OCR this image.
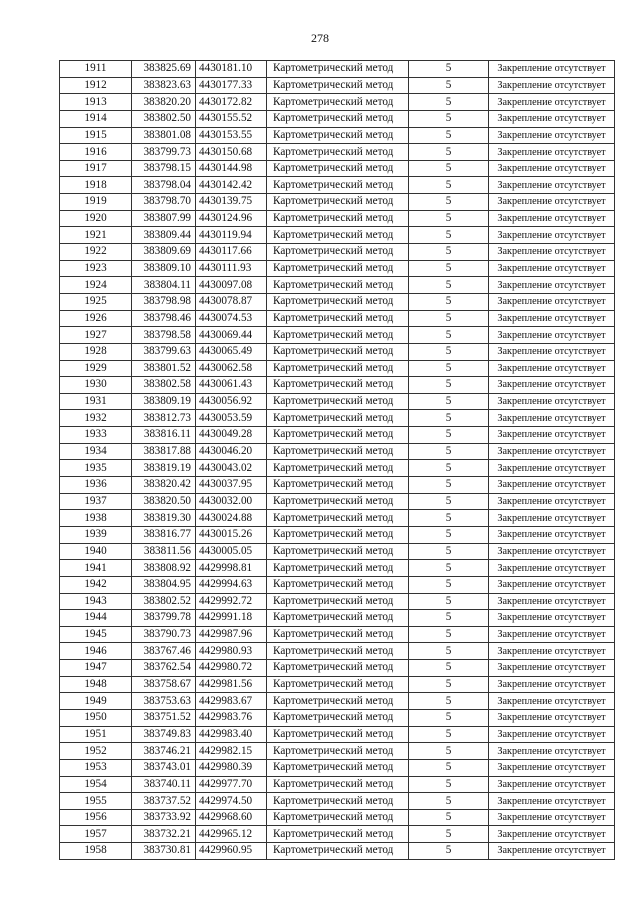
278
1911	383825.69	4430181.10	Картометрический метод	5	Закрепление отсутствует
1912	383823.63	4430177.33	Картометрический метод	5	Закрепление отсутствует
1913	383820.20	4430172.82	Картометрический метод	5	Закрепление отсутствует
1914	383802.50	4430155.52	Картометрический метод	5	Закрепление отсутствует
1915	383801.08	4430153.55	Картометрический метод	5	Закрепление отсутствует
1916	383799.73	4430150.68	Картометрический метод	5	Закрепление отсутствует
1917	383798.15	4430144.98	Картометрический метод	5	Закрепление отсутствует
1918	383798.04	4430142.42	Картометрический метод	5	Закрепление отсутствует
1919	383798.70	4430139.75	Картометрический метод	5	Закрепление отсутствует
1920	383807.99	4430124.96	Картометрический метод	5	Закрепление отсутствует
1921	383809.44	4430119.94	Картометрический метод	5	Закрепление отсутствует
1922	383809.69	4430117.66	Картометрический метод	5	Закрепление отсутствует
1923	383809.10	4430111.93	Картометрический метод	5	Закрепление отсутствует
1924	383804.11	4430097.08	Картометрический метод	5	Закрепление отсутствует
1925	383798.98	4430078.87	Картометрический метод	5	Закрепление отсутствует
1926	383798.46	4430074.53	Картометрический метод	5	Закрепление отсутствует
1927	383798.58	4430069.44	Картометрический метод	5	Закрепление отсутствует
1928	383799.63	4430065.49	Картометрический метод	5	Закрепление отсутствует
1929	383801.52	4430062.58	Картометрический метод	5	Закрепление отсутствует
1930	383802.58	4430061.43	Картометрический метод	5	Закрепление отсутствует
1931	383809.19	4430056.92	Картометрический метод	5	Закрепление отсутствует
1932	383812.73	4430053.59	Картометрический метод	5	Закрепление отсутствует
1933	383816.11	4430049.28	Картометрический метод	5	Закрепление отсутствует
1934	383817.88	4430046.20	Картометрический метод	5	Закрепление отсутствует
1935	383819.19	4430043.02	Картометрический метод	5	Закрепление отсутствует
1936	383820.42	4430037.95	Картометрический метод	5	Закрепление отсутствует
1937	383820.50	4430032.00	Картометрический метод	5	Закрепление отсутствует
1938	383819.30	4430024.88	Картометрический метод	5	Закрепление отсутствует
1939	383816.77	4430015.26	Картометрический метод	5	Закрепление отсутствует
1940	383811.56	4430005.05	Картометрический метод	5	Закрепление отсутствует
1941	383808.92	4429998.81	Картометрический метод	5	Закрепление отсутствует
1942	383804.95	4429994.63	Картометрический метод	5	Закрепление отсутствует
1943	383802.52	4429992.72	Картометрический метод	5	Закрепление отсутствует
1944	383799.78	4429991.18	Картометрический метод	5	Закрепление отсутствует
1945	383790.73	4429987.96	Картометрический метод	5	Закрепление отсутствует
1946	383767.46	4429980.93	Картометрический метод	5	Закрепление отсутствует
1947	383762.54	4429980.72	Картометрический метод	5	Закрепление отсутствует
1948	383758.67	4429981.56	Картометрический метод	5	Закрепление отсутствует
1949	383753.63	4429983.67	Картометрический метод	5	Закрепление отсутствует
1950	383751.52	4429983.76	Картометрический метод	5	Закрепление отсутствует
1951	383749.83	4429983.40	Картометрический метод	5	Закрепление отсутствует
1952	383746.21	4429982.15	Картометрический метод	5	Закрепление отсутствует
1953	383743.01	4429980.39	Картометрический метод	5	Закрепление отсутствует
1954	383740.11	4429977.70	Картометрический метод	5	Закрепление отсутствует
1955	383737.52	4429974.50	Картометрический метод	5	Закрепление отсутствует
1956	383733.92	4429968.60	Картометрический метод	5	Закрепление отсутствует
1957	383732.21	4429965.12	Картометрический метод	5	Закрепление отсутствует
1958	383730.81	4429960.95	Картометрический метод	5	Закрепление отсутствует
